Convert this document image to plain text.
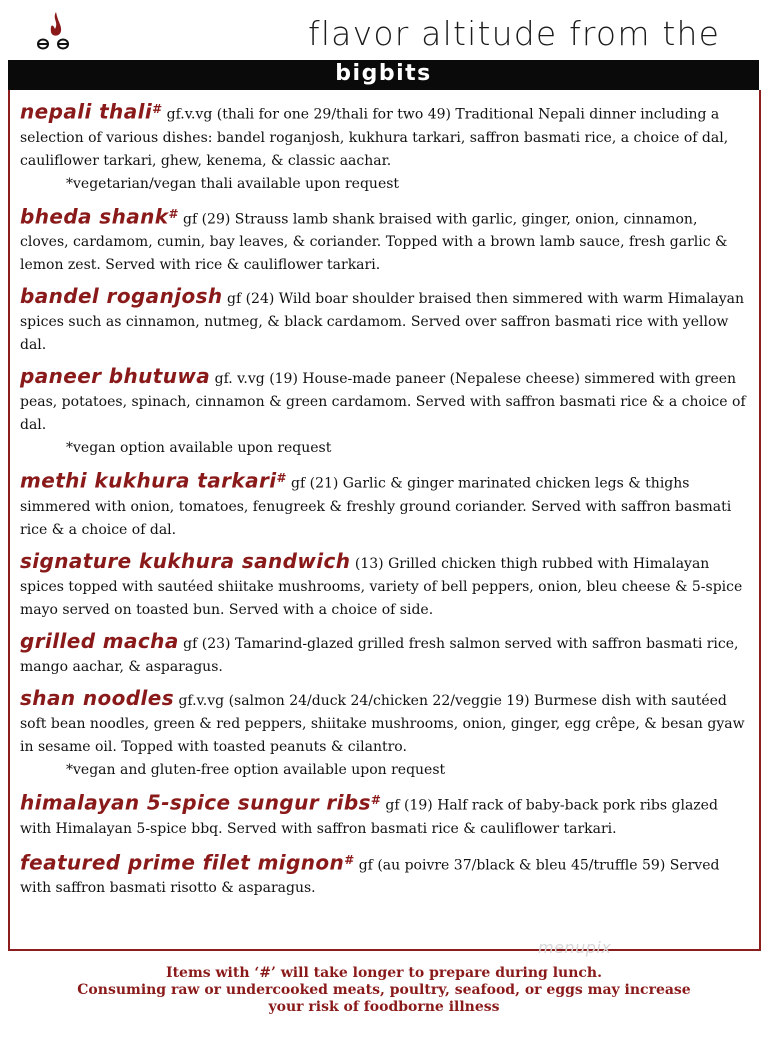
flavor altitude from the
bigbits

nepali thali# gf.v.vg (thali for one 29/thali for two 49) Traditional Nepali dinner including a selection of various dishes: bandel roganjosh, kukhura tarkari, saffron basmati rice, a choice of dal, cauliflower tarkari, ghew, kenema, & classic aachar.

*vegetarian/vegan thali available upon request

bheda shank# gf (29) Strauss lamb shank braised with garlic, ginger, onion, cinnamon, cloves, cardamom, cumin, bay leaves, & coriander. Topped with a brown lamb sauce, fresh garlic & lemon zest. Served with rice & cauliflower tarkari.

bandel roganjosh gf (24) Wild boar shoulder braised then simmered with warm Himalayan spices such as cinnamon, nutmeg, & black cardamom. Served over saffron basmati rice with yellow dal.

paneer bhutuwa gf. v.vg (19) House-made paneer (Nepalese cheese) simmered with green peas, potatoes, spinach, cinnamon & green cardamom. Served with saffron basmati rice & a choice of dal.

*vegan option available upon request

methi kukhura tarkari# gf (21) Garlic & ginger marinated chicken legs & thighs simmered with onion, tomatoes, fenugreek & freshly ground coriander. Served with saffron basmati rice & a choice of dal.

signature kukhura sandwich (13) Grilled chicken thigh rubbed with Himalayan spices topped with sautéed shiitake mushrooms, variety of bell peppers, onion, bleu cheese & 5-spice mayo served on toasted bun. Served with a choice of side.

grilled macha gf (23) Tamarind-glazed grilled fresh salmon served with saffron basmati rice, mango aachar, & asparagus.

shan noodles gf.v.vg (salmon 24/duck 24/chicken 22/veggie 19) Burmese dish with sautéed soft bean noodles, green & red peppers, shiitake mushrooms, onion, ginger, egg crêpe, & besan gyaw in sesame oil. Topped with toasted peanuts & cilantro.

*vegan and gluten-free option available upon request

himalayan 5-spice sungur ribs# gf (19) Half rack of baby-back pork ribs glazed with Himalayan 5-spice bbq. Served with saffron basmati rice & cauliflower tarkari.

featured prime filet mignon# gf (au poivre 37/black & bleu 45/truffle 59) Served with saffron basmati risotto & asparagus.

menupix
Items with ‘#’ will take longer to prepare during lunch.
Consuming raw or undercooked meats, poultry, seafood, or eggs may increase
your risk of foodborne illness
